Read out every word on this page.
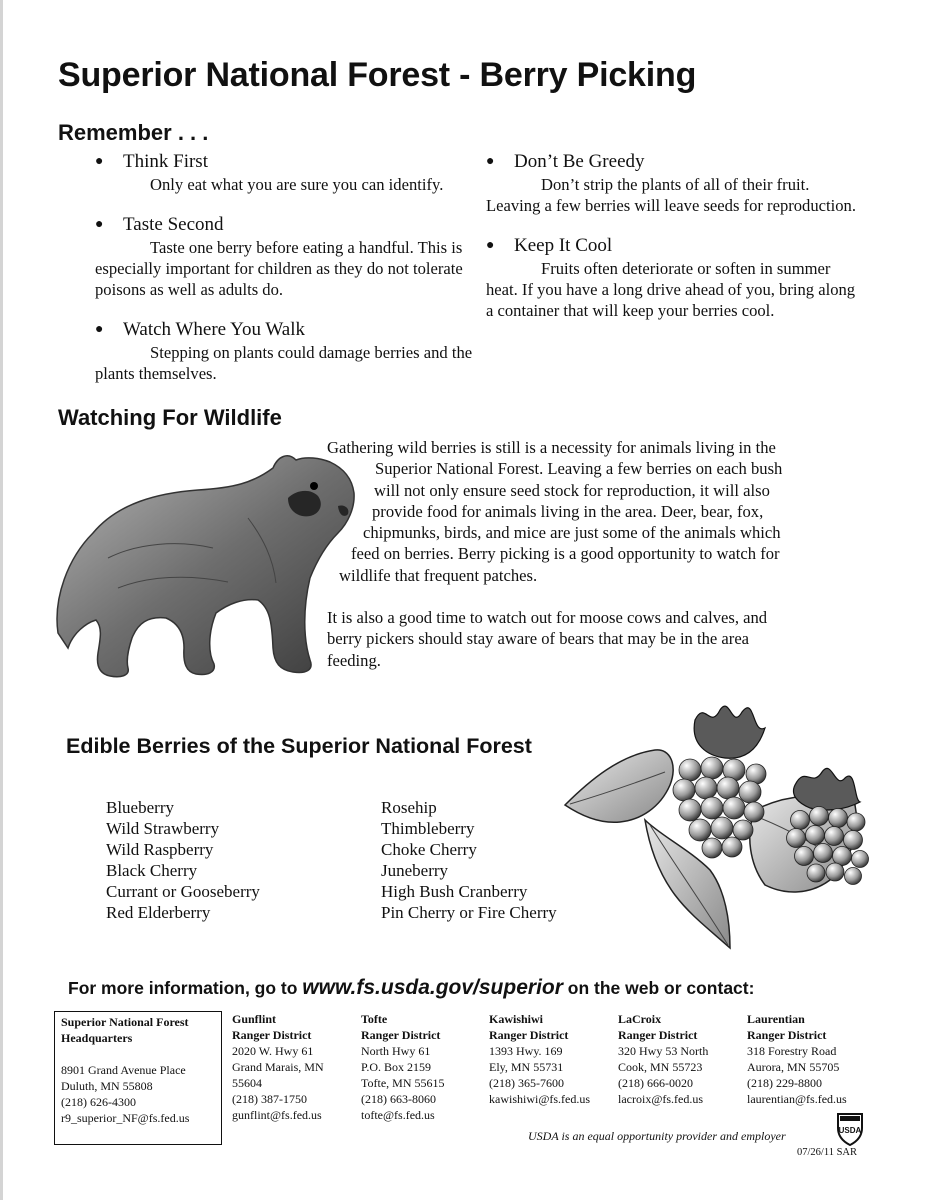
Superior National Forest - Berry Picking
Remember . . .
● Think First
Only eat what you are sure you can identify.
● Taste Second
Taste one berry before eating a handful. This is especially important for children as they do not tolerate poisons as well as adults do.
● Watch Where You Walk
Stepping on plants could damage berries and the plants themselves.
● Don’t Be Greedy
Don’t strip the plants of all of their fruit. Leaving a few berries will leave seeds for reproduction.
● Keep It Cool
Fruits often deteriorate or soften in summer heat. If you have a long drive ahead of you, bring along a container that will keep your berries cool.
Watching For Wildlife

Gathering wild berries is still is a necessity for animals living in the
Superior National Forest. Leaving a few berries on each bush
will not only ensure seed stock for reproduction, it will also
provide food for animals living in the area. Deer, bear, fox,
chipmunks, birds, and mice are just some of the animals which
feed on berries. Berry picking is a good opportunity to watch for
wildlife that frequent patches.

It is also a good time to watch out for moose cows and calves, and
berry pickers should stay aware of bears that may be in the area
feeding.

Edible Berries of the Superior National Forest
Blueberry
Wild Strawberry
Wild Raspberry
Black Cherry
Currant or Gooseberry
Red Elderberry
Rosehip
Thimbleberry
Choke Cherry
Juneberry
High Bush Cranberry
Pin Cherry or Fire Cherry
For more information, go to www.fs.usda.gov/superior on the web or contact:
Superior National Forest
Headquarters
8901 Grand Avenue Place
Duluth, MN 55808
(218) 626-4300
r9_superior_NF@fs.fed.us
Gunflint
Ranger District
2020 W. Hwy 61
Grand Marais, MN
55604
(218) 387-1750
gunflint@fs.fed.us
Tofte
Ranger District
North Hwy 61
P.O. Box 2159
Tofte, MN 55615
(218) 663-8060
tofte@fs.fed.us
Kawishiwi
Ranger District
1393 Hwy. 169
Ely, MN 55731
(218) 365-7600
kawishiwi@fs.fed.us
LaCroix
Ranger District
320 Hwy 53 North
Cook, MN 55723
(218) 666-0020
lacroix@fs.fed.us
Laurentian
Ranger District
318 Forestry Road
Aurora, MN 55705
(218) 229-8800
laurentian@fs.fed.us
USDA is an equal opportunity provider and employer	USDA
07/26/11 SAR
